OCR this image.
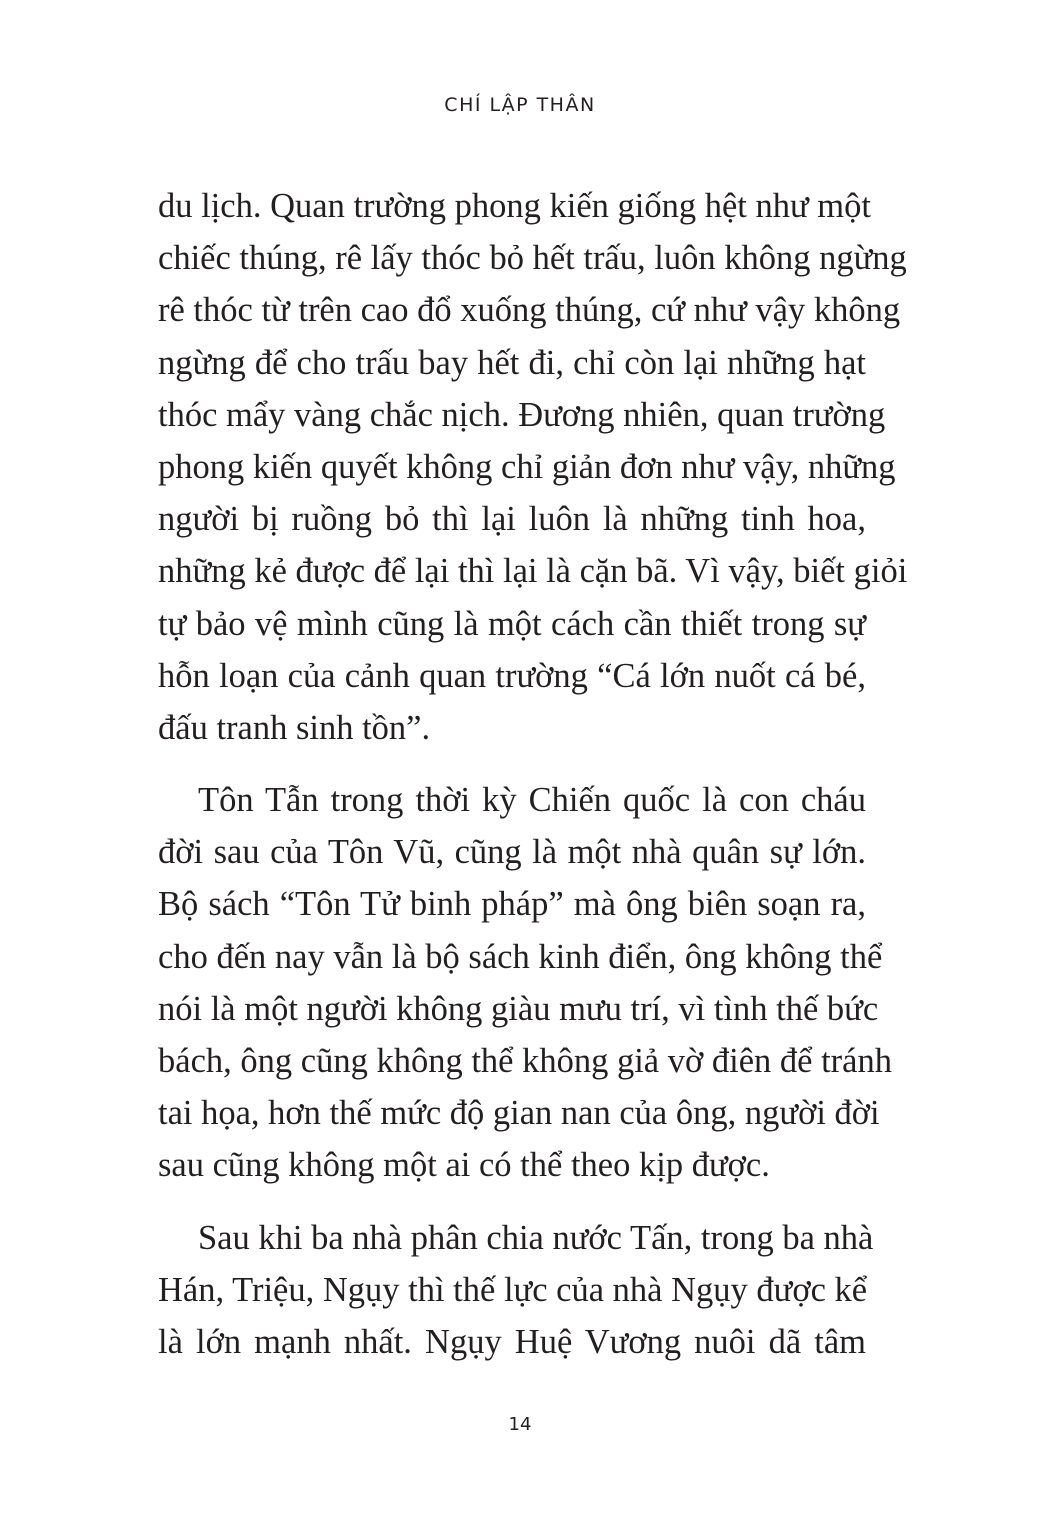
CHÍ LẬP THÂN

du lịch. Quan trường phong kiến giống hệt như một
chiếc thúng, rê lấy thóc bỏ hết trấu, luôn không ngừng
rê thóc từ trên cao đổ xuống thúng, cứ như vậy không
ngừng để cho trấu bay hết đi, chỉ còn lại những hạt
thóc mẩy vàng chắc nịch. Đương nhiên, quan trường
phong kiến quyết không chỉ giản đơn như vậy, những
người bị ruồng bỏ thì lại luôn là những tinh hoa,
những kẻ được để lại thì lại là cặn bã. Vì vậy, biết giỏi
tự bảo vệ mình cũng là một cách cần thiết trong sự
hỗn loạn của cảnh quan trường “Cá lớn nuốt cá bé,
đấu tranh sinh tồn”.

Tôn Tẫn trong thời kỳ Chiến quốc là con cháu
đời sau của Tôn Vũ, cũng là một nhà quân sự lớn.
Bộ sách “Tôn Tử binh pháp” mà ông biên soạn ra,
cho đến nay vẫn là bộ sách kinh điển, ông không thể
nói là một người không giàu mưu trí, vì tình thế bức
bách, ông cũng không thể không giả vờ điên để tránh
tai họa, hơn thế mức độ gian nan của ông, người đời
sau cũng không một ai có thể theo kịp được.

Sau khi ba nhà phân chia nước Tấn, trong ba nhà
Hán, Triệu, Ngụy thì thế lực của nhà Ngụy được kể
là lớn mạnh nhất. Ngụy Huệ Vương nuôi dã tâm

14
